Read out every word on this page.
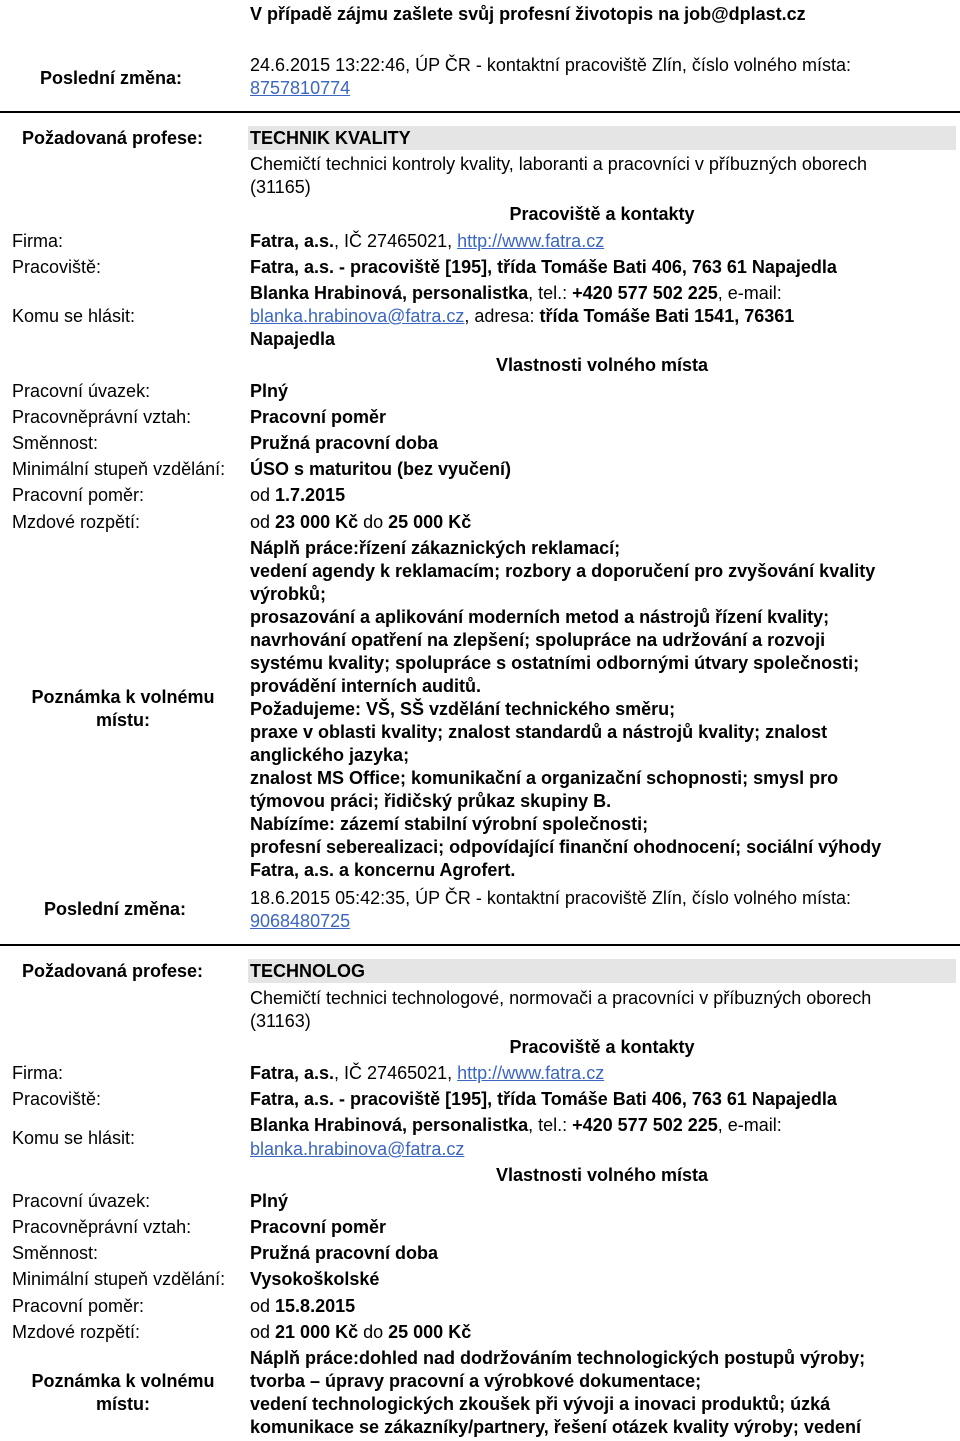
V případě zájmu zašlete svůj profesní životopis na job@dplast.cz
Poslední změna:
24.6.2015 13:22:46, ÚP ČR - kontaktní pracoviště Zlín, číslo volného místa:
8757810774
Požadovaná profese:	TECHNIK KVALITY
Chemičtí technici kontroly kvality, laboranti a pracovníci v příbuzných oborech
(31165)
Pracoviště a kontakty
Firma:	Fatra, a.s., IČ 27465021, http://www.fatra.cz
Pracoviště:	Fatra, a.s. - pracoviště [195], třída Tomáše Bati 406, 763 61 Napajedla
Blanka Hrabinová, personalistka, tel.: +420 577 502 225, e-mail:
Komu se hlásit:	blanka.hrabinova@fatra.cz, adresa: třída Tomáše Bati 1541, 76361
Napajedla
Vlastnosti volného místa
Pracovní úvazek:	Plný
Pracovněprávní vztah:	Pracovní poměr
Směnnost:	Pružná pracovní doba
Minimální stupeň vzdělání: ÚSO s maturitou (bez vyučení)
Pracovní poměr:	od 1.7.2015
Mzdové rozpětí:	od 23 000 Kč do 25 000 Kč
Poznámka k volnému
místu:
Náplň práce:řízení zákaznických reklamací;
vedení agendy k reklamacím; rozbory a doporučení pro zvyšování kvality
výrobků;
prosazování a aplikování moderních metod a nástrojů řízení kvality;
navrhování opatření na zlepšení; spolupráce na udržování a rozvoji
systému kvality; spolupráce s ostatními odbornými útvary společnosti;
provádění interních auditů.
Požadujeme: VŠ, SŠ vzdělání technického směru;
praxe v oblasti kvality; znalost standardů a nástrojů kvality; znalost
anglického jazyka;
znalost MS Office; komunikační a organizační schopnosti; smysl pro
týmovou práci; řidičský průkaz skupiny B.
Nabízíme: zázemí stabilní výrobní společnosti;
profesní seberealizaci; odpovídající finanční ohodnocení; sociální výhody
Fatra, a.s. a koncernu Agrofert.
Poslední změna:
18.6.2015 05:42:35, ÚP ČR - kontaktní pracoviště Zlín, číslo volného místa:
9068480725
Požadovaná profese:	TECHNOLOG
Chemičtí technici technologové, normovači a pracovníci v příbuzných oborech
(31163)
Pracoviště a kontakty
Firma:	Fatra, a.s., IČ 27465021, http://www.fatra.cz
Pracoviště:	Fatra, a.s. - pracoviště [195], třída Tomáše Bati 406, 763 61 Napajedla
Komu se hlásit:
Blanka Hrabinová, personalistka, tel.: +420 577 502 225, e-mail:
blanka.hrabinova@fatra.cz
Vlastnosti volného místa
Pracovní úvazek:	Plný
Pracovněprávní vztah:	Pracovní poměr
Směnnost:	Pružná pracovní doba
Minimální stupeň vzdělání: Vysokoškolské
Pracovní poměr:	od 15.8.2015
Mzdové rozpětí:	od 21 000 Kč do 25 000 Kč
Poznámka k volnému
místu:
Náplň práce:dohled nad dodržováním technologických postupů výroby;
tvorba – úpravy pracovní a výrobkové dokumentace;
vedení technologických zkoušek při vývoji a inovaci produktů; úzká
komunikace se zákazníky/partnery, řešení otázek kvality výroby; vedení
